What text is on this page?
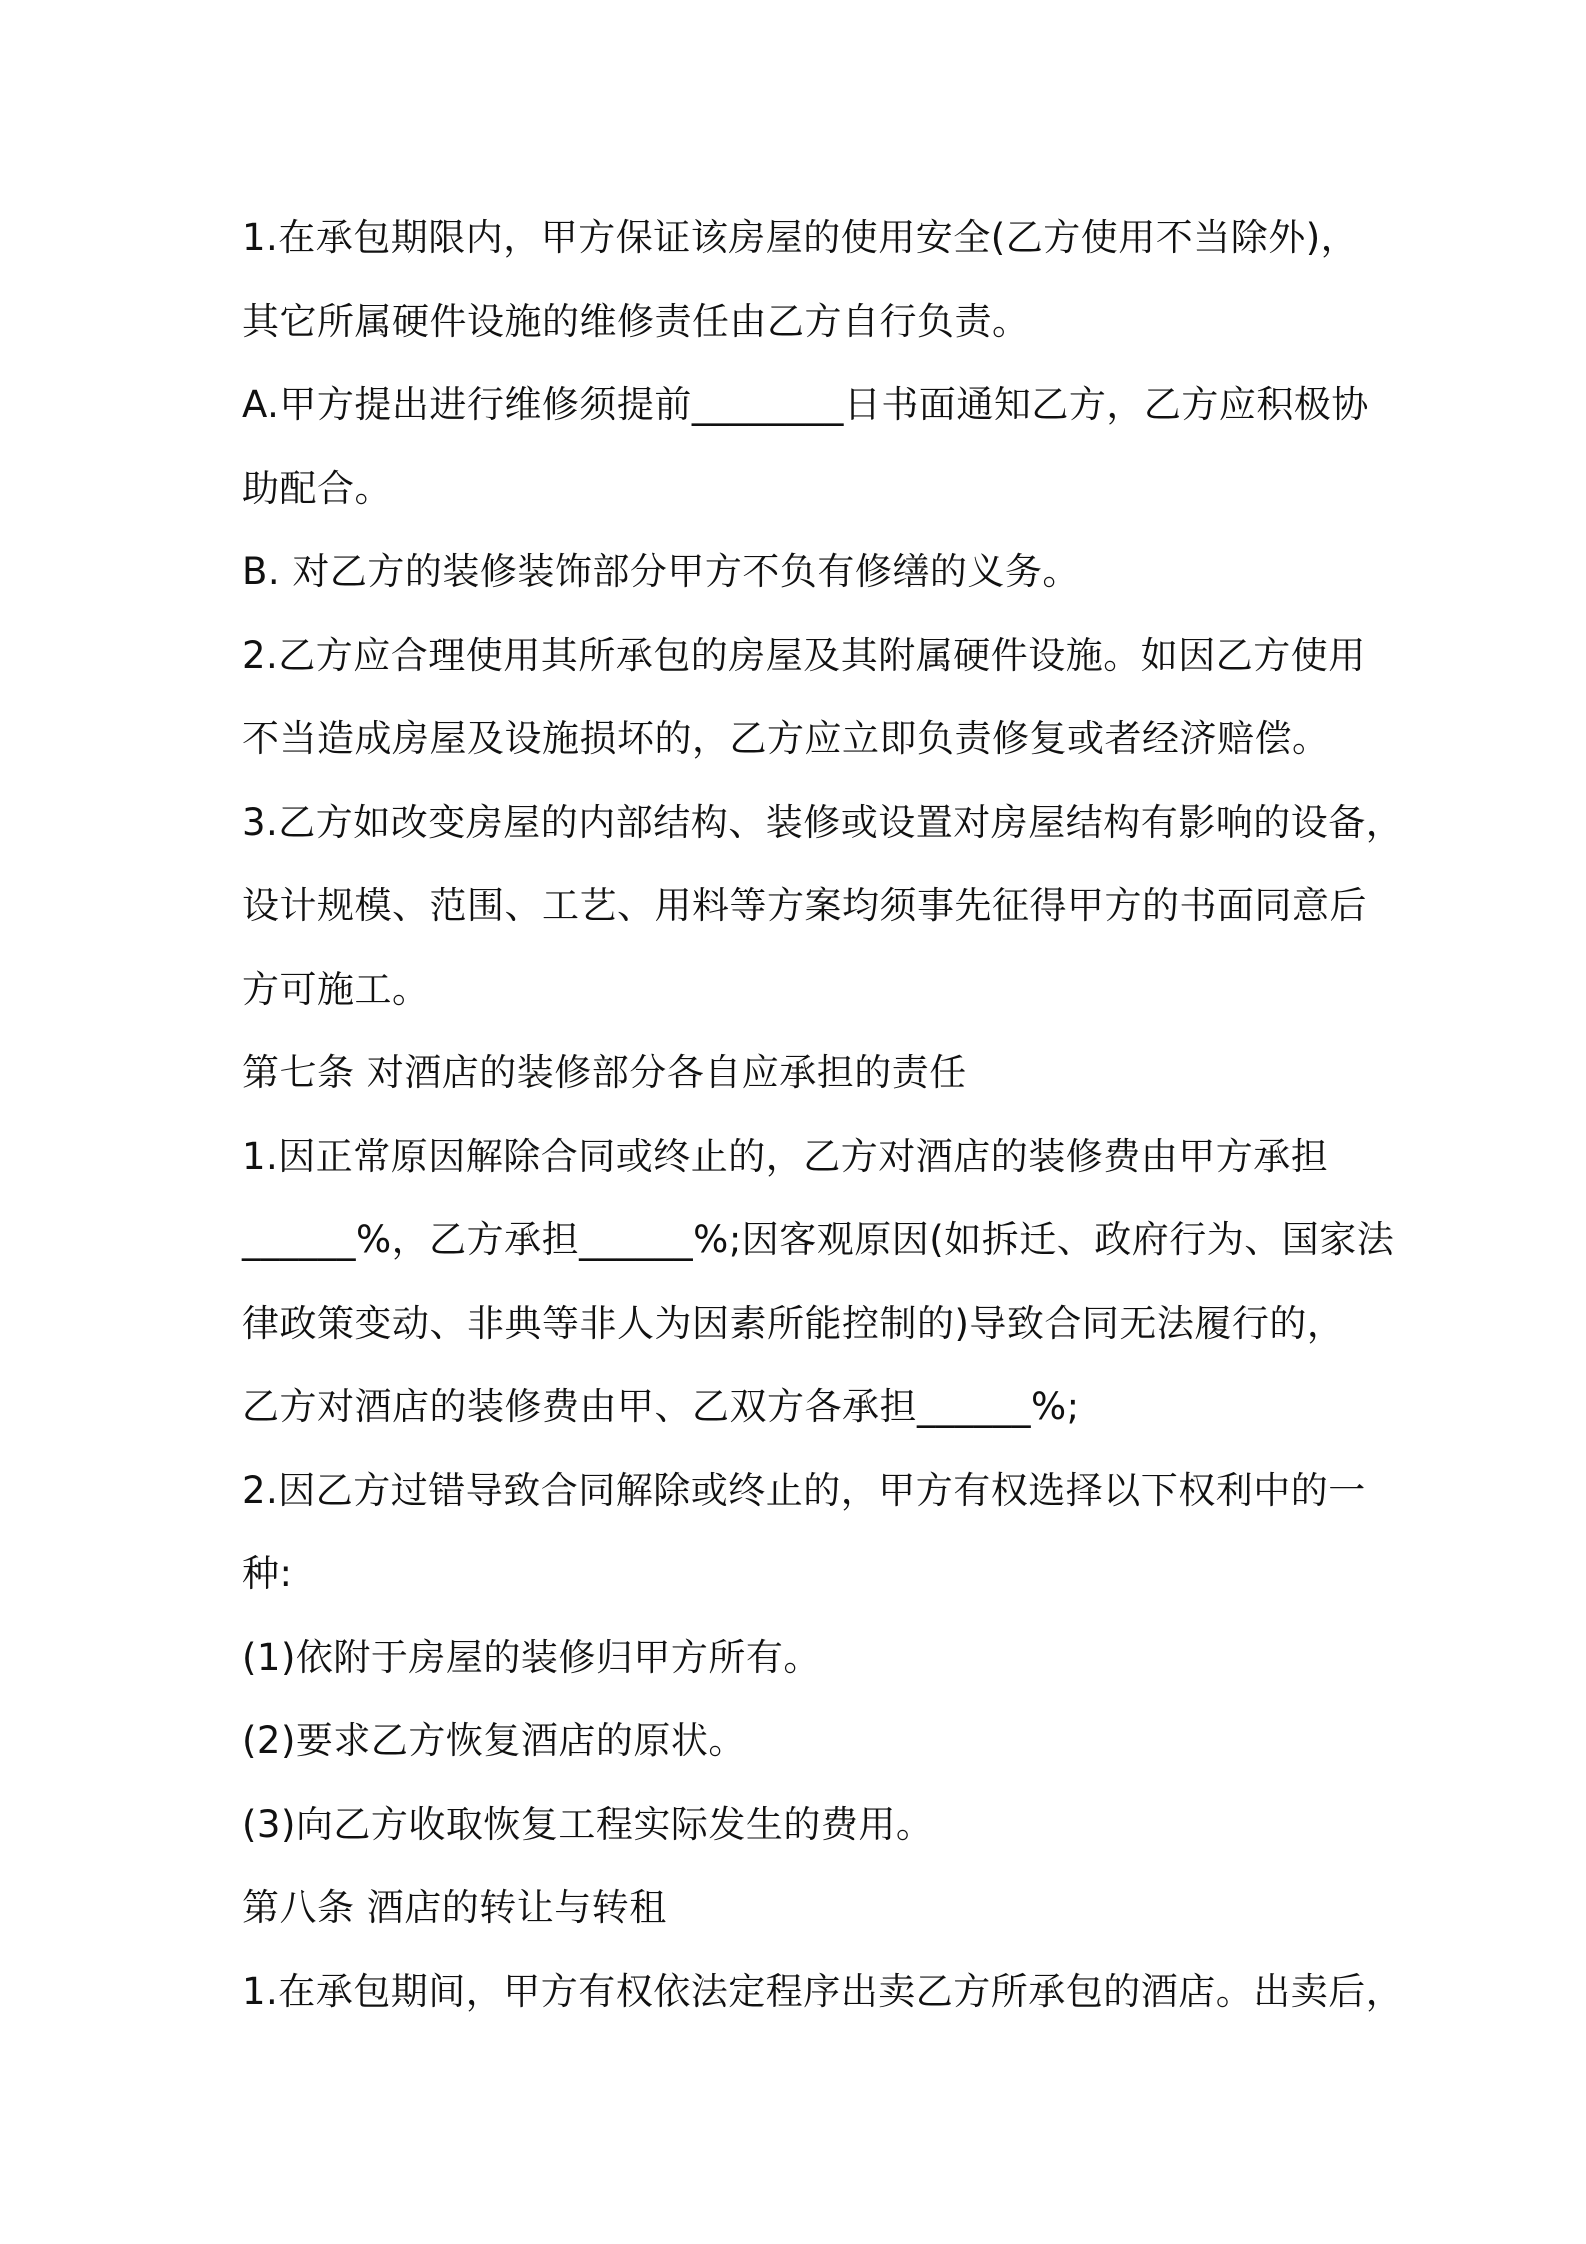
1.在承包期限内，甲方保证该房屋的使用安全(乙方使用不当除外)，
其它所属硬件设施的维修责任由乙方自行负责。
A.甲方提出进行维修须提前________日书面通知乙方，乙方应积极协
助配合。
B. 对乙方的装修装饰部分甲方不负有修缮的义务。
2.乙方应合理使用其所承包的房屋及其附属硬件设施。如因乙方使用
不当造成房屋及设施损坏的，乙方应立即负责修复或者经济赔偿。
3.乙方如改变房屋的内部结构、装修或设置对房屋结构有影响的设备，
设计规模、范围、工艺、用料等方案均须事先征得甲方的书面同意后
方可施工。
第七条 对酒店的装修部分各自应承担的责任
1.因正常原因解除合同或终止的，乙方对酒店的装修费由甲方承担
______%，乙方承担______%;因客观原因(如拆迁、政府行为、国家法
律政策变动、非典等非人为因素所能控制的)导致合同无法履行的，
乙方对酒店的装修费由甲、乙双方各承担______%;
2.因乙方过错导致合同解除或终止的，甲方有权选择以下权利中的一
种:
(1)依附于房屋的装修归甲方所有。
(2)要求乙方恢复酒店的原状。
(3)向乙方收取恢复工程实际发生的费用。
第八条 酒店的转让与转租
1.在承包期间，甲方有权依法定程序出卖乙方所承包的酒店。出卖后，
